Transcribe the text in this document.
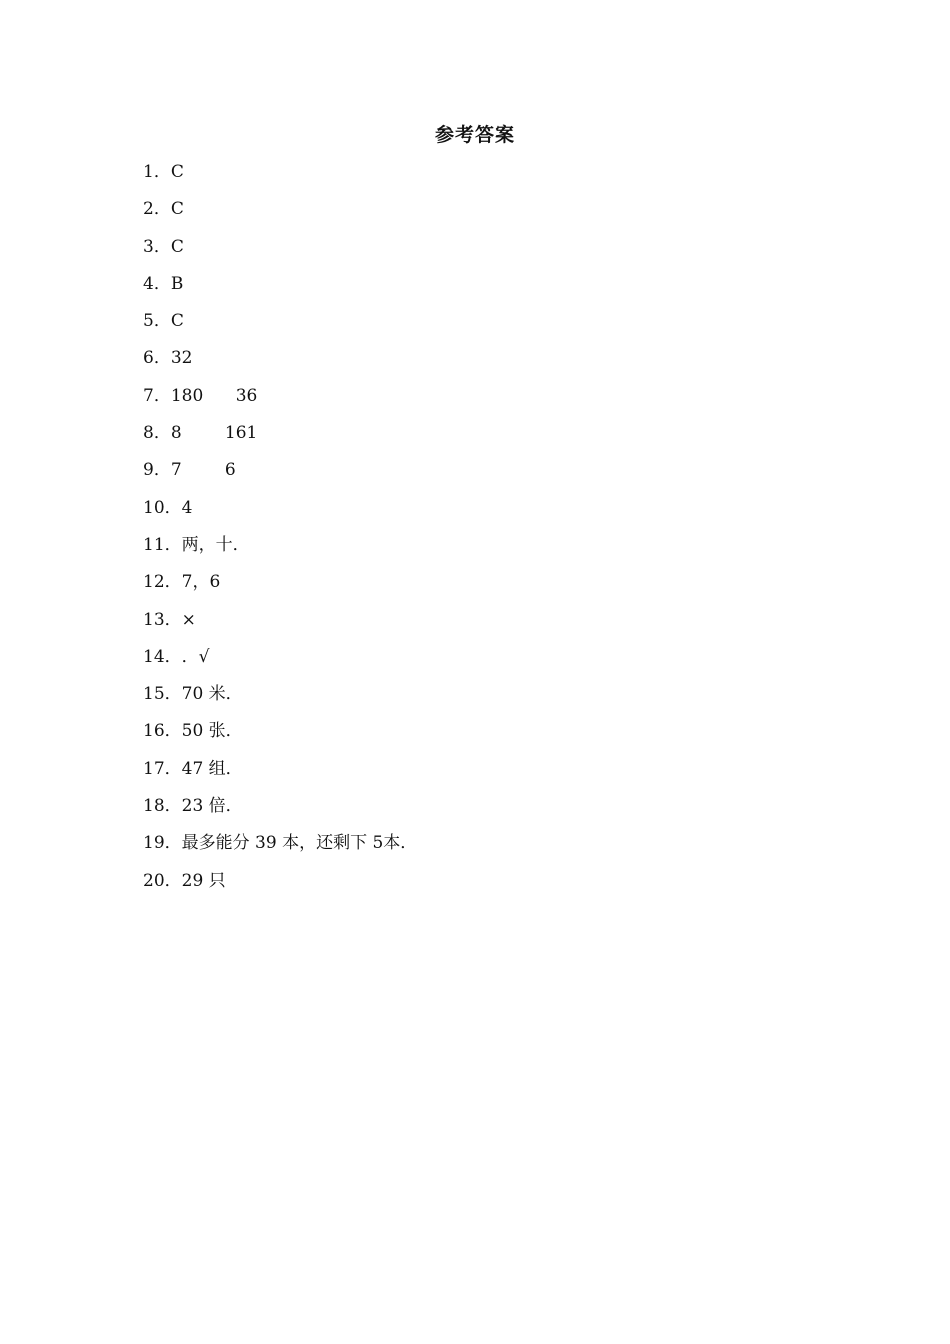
参考答案
1． C
2． C
3． C
4． B
5． C
6． 32
7． 180      36
8． 8        161
9． 7        6
10． 4
11． 两，十．
12． 7，6
13． ×
14． ．√
15． 70 米．
16． 50 张．
17． 47 组．
18． 23 倍．
19． 最多能分 39 本，还剩下 5本．
20． 29 只
